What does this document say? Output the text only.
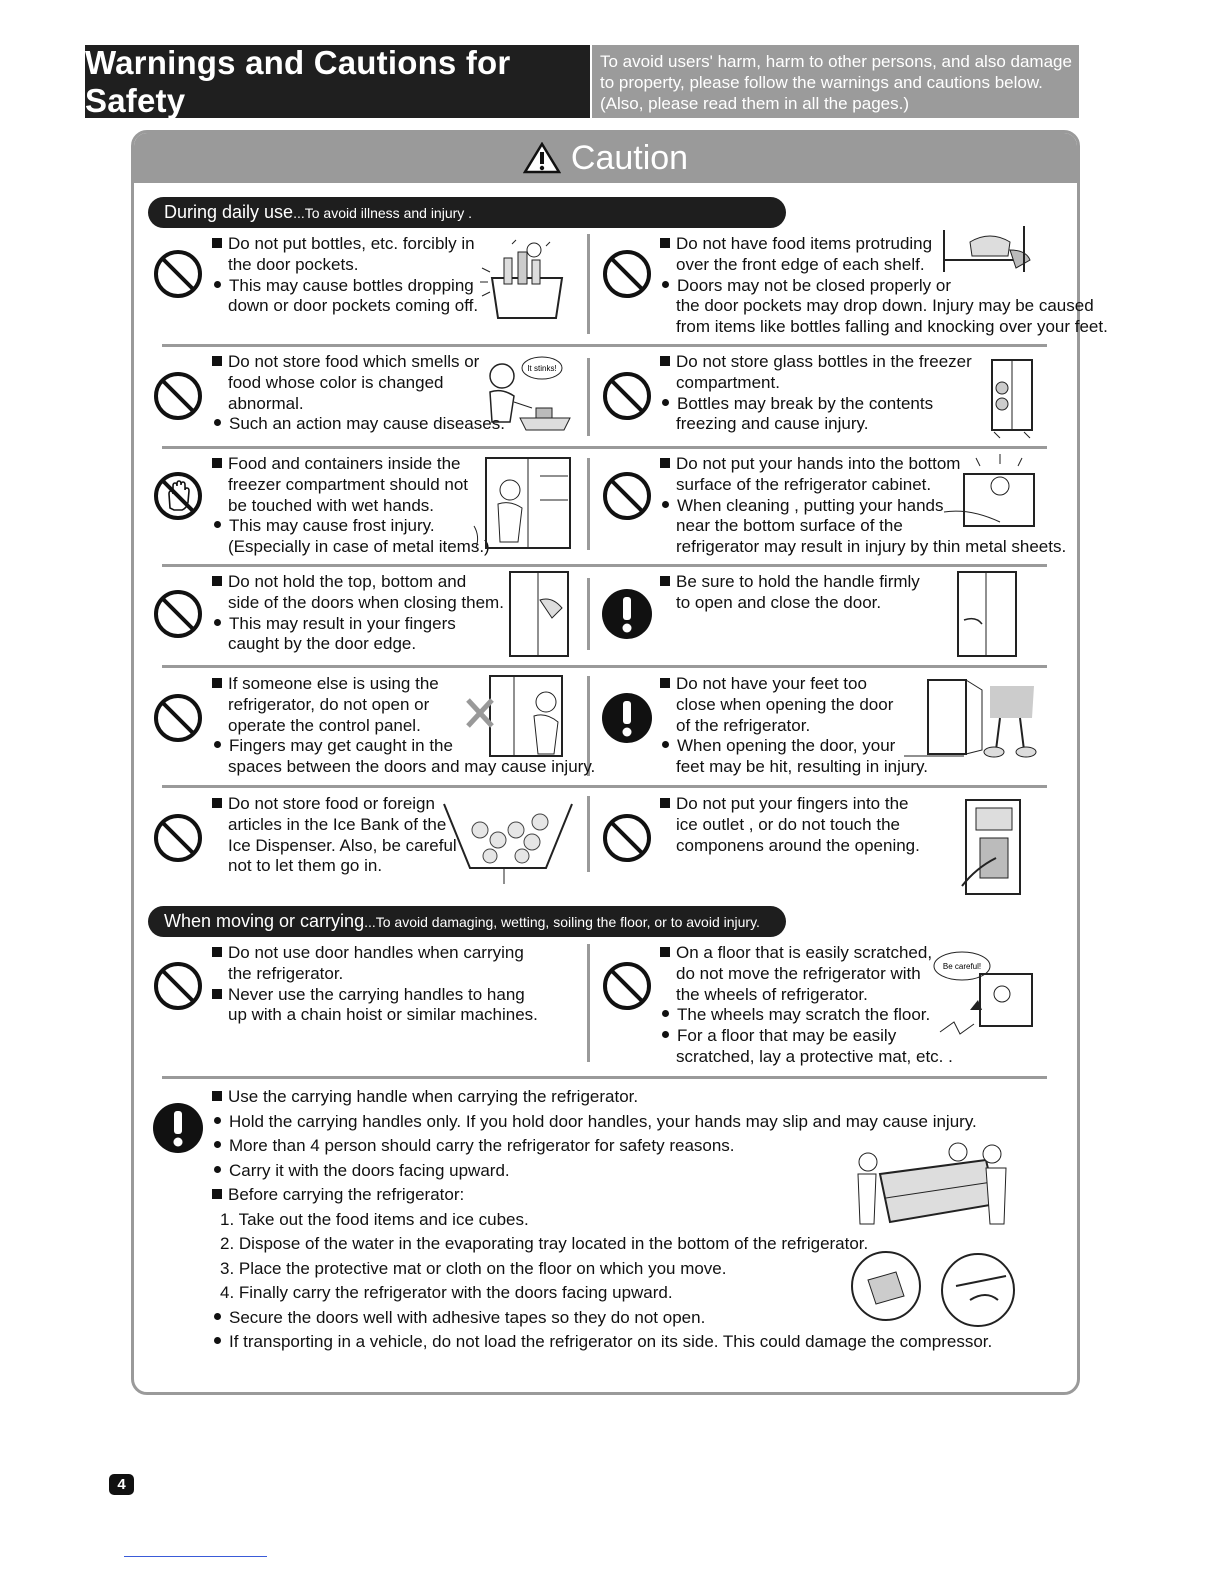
Warnings and Cautions for Safety
To avoid users' harm, harm to other persons, and also damage
to property, please follow the warnings and cautions below.
(Also, please read them in all the pages.)
Caution
During daily use ...To avoid illness and injury .

Do not put bottles, etc. forcibly in

the door pockets.

This may cause bottles dropping

down or door pockets coming off.

Do not have food items protruding

over the front edge of each shelf.

Doors may not be closed properly or

the door pockets may drop down. Injury may be caused

from items like bottles falling and knocking over your feet.

Do not store food which smells or

food whose color is changed

abnormal.

Such an action may cause diseases.

It stinks!	Do not store glass bottles in the freezer

compartment.

Bottles may break by the contents

freezing and cause injury.

Food and containers inside the

freezer compartment should not

be touched with wet hands.

This may cause frost injury.

(Especially in case of metal items.)

Do not put your hands into the bottom

surface of the refrigerator cabinet.

When cleaning , putting your hands

near the bottom surface of the

refrigerator may result in injury by thin metal sheets.

Do not hold the top, bottom and

side of the doors when closing them.

This may result in your fingers

caught by the door edge.

Be sure to hold the handle firmly

to open and close the door.

If someone else is using the

refrigerator, do not open or

operate the control panel.

Fingers may get caught in the

spaces between the doors and may cause injury.

Do not have your feet too

close when opening the door

of the refrigerator.

When opening the door, your

feet may be hit, resulting in injury.

Do not store food or foreign

articles in the Ice Bank of the

Ice Dispenser. Also, be careful

not to let them go in.

Do not put your fingers into the

ice outlet , or do not touch the

componens around the opening.

When moving or carrying ...To avoid damaging, wetting, soiling the floor, or to avoid injury.

Do not use door handles when carrying

the refrigerator.

Never use the carrying handles to hang

up with a chain hoist or similar machines.

On a floor that is easily scratched,

do not move the refrigerator with

the wheels of refrigerator.

The wheels may scratch the floor.

For a floor that may be easily

scratched, lay a protective mat, etc. .

Be careful!

Use the carrying handle when carrying the refrigerator.

Hold the carrying handles only. If you hold door handles, your hands may slip and may cause injury.

More than 4 person should carry the refrigerator for safety reasons.

Carry it with the doors facing upward.

Before carrying the refrigerator:

1. Take out the food items and ice cubes.

2. Dispose of the water in the evaporating tray located in the bottom of the refrigerator.

3. Place the protective mat or cloth on the floor on which you move.

4. Finally carry the refrigerator with the doors facing upward.

Secure the doors well with adhesive tapes so they do not open.

If transporting in a vehicle, do not load the refrigerator on its side. This could damage the compressor.

4
